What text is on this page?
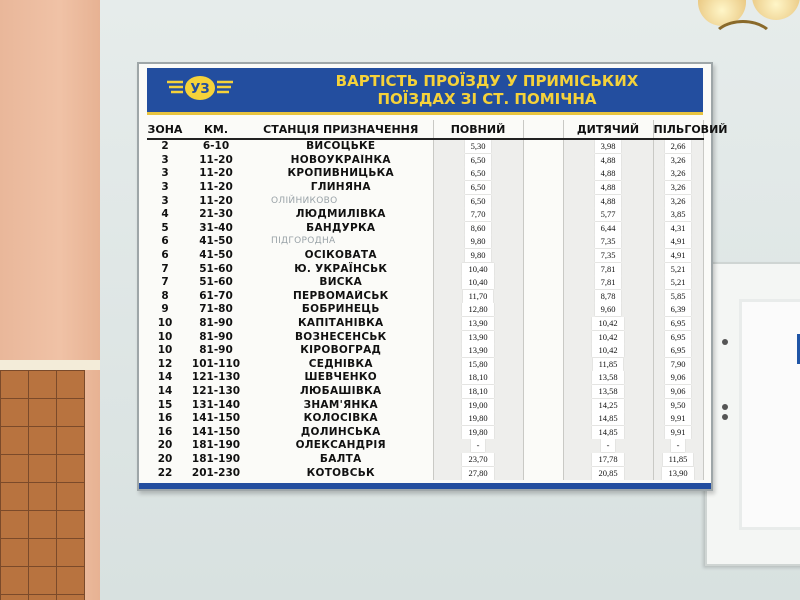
УЗ	ВАРТІСТЬ ПРОЇЗДУ У ПРИМІСЬКИХ
ПОЇЗДАХ ЗІ СТ. ПОМІЧНА
ЗОНА	КМ.	СТАНЦІЯ ПРИЗНАЧЕННЯ	ПОВНИЙ		ДИТЯЧИЙ	ПІЛЬГОВИЙ	
2	6-10	ВИСОЦЬКЕ	5,30		3,98	2,66	
3	11-20	НОВОУКРАЇНКА	6,50		4,88	3,26	
3	11-20	КРОПИВНИЦЬКА	6,50		4,88	3,26	
3	11-20	ГЛИНЯНА	6,50		4,88	3,26	
3	11-20	ОЛІЙНИКОВО	6,50		4,88	3,26	
4	21-30	ЛЮДМИЛІВКА	7,70		5,77	3,85	
5	31-40	БАНДУРКА	8,60		6,44	4,31	
6	41-50	ПІДГОРОДНА	9,80		7,35	4,91	
6	41-50	ОСІКОВАТА	9,80		7,35	4,91	
7	51-60	Ю. УКРАЇНСЬК	10,40		7,81	5,21	
7	51-60	ВИСКА	10,40		7,81	5,21	
8	61-70	ПЕРВОМАЙСЬК	11,70		8,78	5,85	
9	71-80	БОБРИНЕЦЬ	12,80		9,60	6,39	
10	81-90	КАПІТАНІВКА	13,90		10,42	6,95	
10	81-90	ВОЗНЕСЕНСЬК	13,90		10,42	6,95	
10	81-90	КІРОВОГРАД	13,90		10,42	6,95	
12	101-110	СЕДНІВКА	15,80		11,85	7,90	
14	121-130	ШЕВЧЕНКО	18,10		13,58	9,06	
14	121-130	ЛЮБАШІВКА	18,10		13,58	9,06	
15	131-140	ЗНАМ'ЯНКА	19,00		14,25	9,50	
16	141-150	КОЛОСІВКА	19,80		14,85	9,91	
16	141-150	ДОЛИНСЬКА	19,80		14,85	9,91	
20	181-190	ОЛЕКСАНДРІЯ	-		-	-	
20	181-190	БАЛТА	23,70		17,78	11,85	
22	201-230	КОТОВСЬК	27,80		20,85	13,90	
